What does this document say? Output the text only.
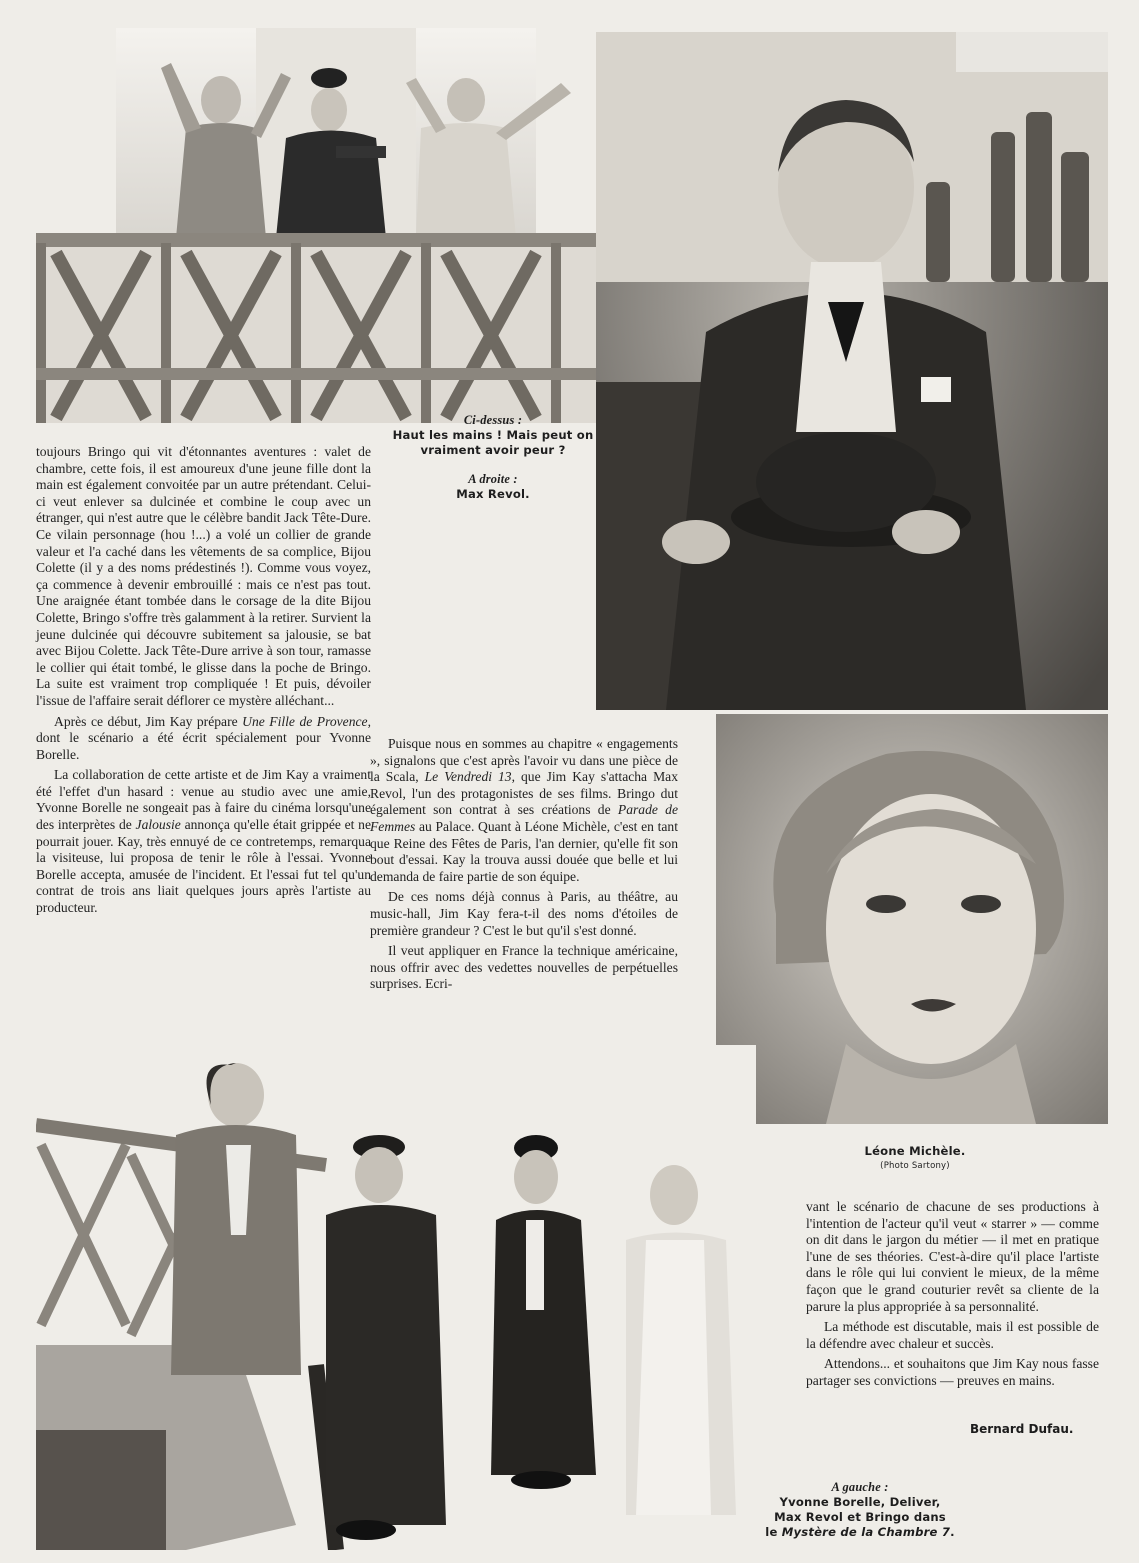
Ci-dessus :
Haut les mains ! Mais peut on vraiment avoir peur ?
A droite :
Max Revol.

toujours Bringo qui vit d'étonnantes aventures : valet de chambre, cette fois, il est amoureux d'une jeune fille dont la main est également convoitée par un autre prétendant. Celui-ci veut enlever sa dulcinée et combine le coup avec un étranger, qui n'est autre que le célèbre bandit Jack Tête-Dure. Ce vilain personnage (hou !...) a volé un collier de grande valeur et l'a caché dans les vêtements de sa complice, Bijou Colette (il y a des noms prédestinés !). Comme vous voyez, ça commence à devenir embrouillé : mais ce n'est pas tout. Une araignée étant tombée dans le corsage de la dite Bijou Colette, Bringo s'offre très galamment à la retirer. Survient la jeune dulcinée qui découvre subitement sa jalousie, se bat avec Bijou Colette. Jack Tête-Dure arrive à son tour, ramasse le collier qui était tombé, le glisse dans la poche de Bringo. La suite est vraiment trop compliquée ! Et puis, dévoiler l'issue de l'affaire serait déflorer ce mystère alléchant...

Après ce début, Jim Kay prépare Une Fille de Provence, dont le scénario a été écrit spécialement pour Yvonne Borelle.

La collaboration de cette artiste et de Jim Kay a vraiment été l'effet d'un hasard : venue au studio avec une amie, Yvonne Borelle ne songeait pas à faire du cinéma lorsqu'une des interprètes de Jalousie annonça qu'elle était grippée et ne pourrait jouer. Kay, très ennuyé de ce contretemps, remarqua la visiteuse, lui proposa de tenir le rôle à l'essai. Yvonne Borelle accepta, amusée de l'incident. Et l'essai fut tel qu'un contrat de trois ans liait quelques jours après l'artiste au producteur.

Puisque nous en sommes au chapitre « engagements », signalons que c'est après l'avoir vu dans une pièce de la Scala, Le Vendredi 13, que Jim Kay s'attacha Max Revol, l'un des protagonistes de ses films. Bringo dut également son contrat à ses créations de Parade de Femmes au Palace. Quant à Léone Michèle, c'est en tant que Reine des Fêtes de Paris, l'an dernier, qu'elle fit son bout d'essai. Kay la trouva aussi douée que belle et lui demanda de faire partie de son équipe.

De ces noms déjà connus à Paris, au théâtre, au music-hall, Jim Kay fera-t-il des noms d'étoiles de première grandeur ? C'est le but qu'il s'est donné.

Il veut appliquer en France la technique américaine, nous offrir avec des vedettes nouvelles de perpétuelles surprises. Ecri-

Léone Michèle.
(Photo Sartony)

vant le scénario de chacune de ses productions à l'intention de l'acteur qu'il veut « starrer » — comme on dit dans le jargon du métier — il met en pratique l'une de ses théories. C'est-à-dire qu'il place l'artiste dans le rôle qui lui convient le mieux, de la même façon que le grand couturier revêt sa cliente de la parure la plus appropriée à sa personnalité.

La méthode est discutable, mais il est possible de la défendre avec chaleur et succès.

Attendons... et souhaitons que Jim Kay nous fasse partager ses convictions — preuves en mains.

Bernard Dufau.
A gauche :
Yvonne Borelle, Deliver,
Max Revol et Bringo dans
le Mystère de la Chambre 7.
